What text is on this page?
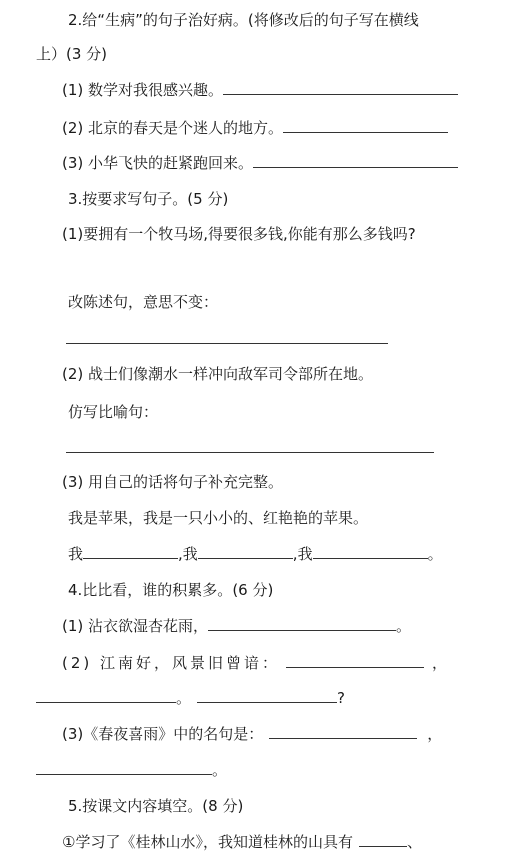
2.给“生病”的句子治好病。(将修改后的句子写在横线
上）(3 分)
(1) 数学对我很感兴趣。
(2) 北京的春天是个迷人的地方。
(3) 小华飞快的赶紧跑回来。
3.按要求写句子。(5 分)
(1)要拥有一个牧马场,得要很多钱,你能有那么多钱吗?
改陈述句，意思不变：
(2) 战士们像潮水一样冲向敌军司令部所在地。
仿写比喻句：
(3) 用自己的话将句子补充完整。
我是苹果，我是一只小小的、红艳艳的苹果。
我	,我	,我	。
4.比比看，谁的积累多。(6 分)
(1) 沾衣欲湿杏花雨，	。
(2) 江南好，风景旧曾谙：	，
。	?
(3)《春夜喜雨》中的名句是：	，
。
5.按课文内容填空。(8 分)
①学习了《桂林山水》，我知道桂林的山具有	、
